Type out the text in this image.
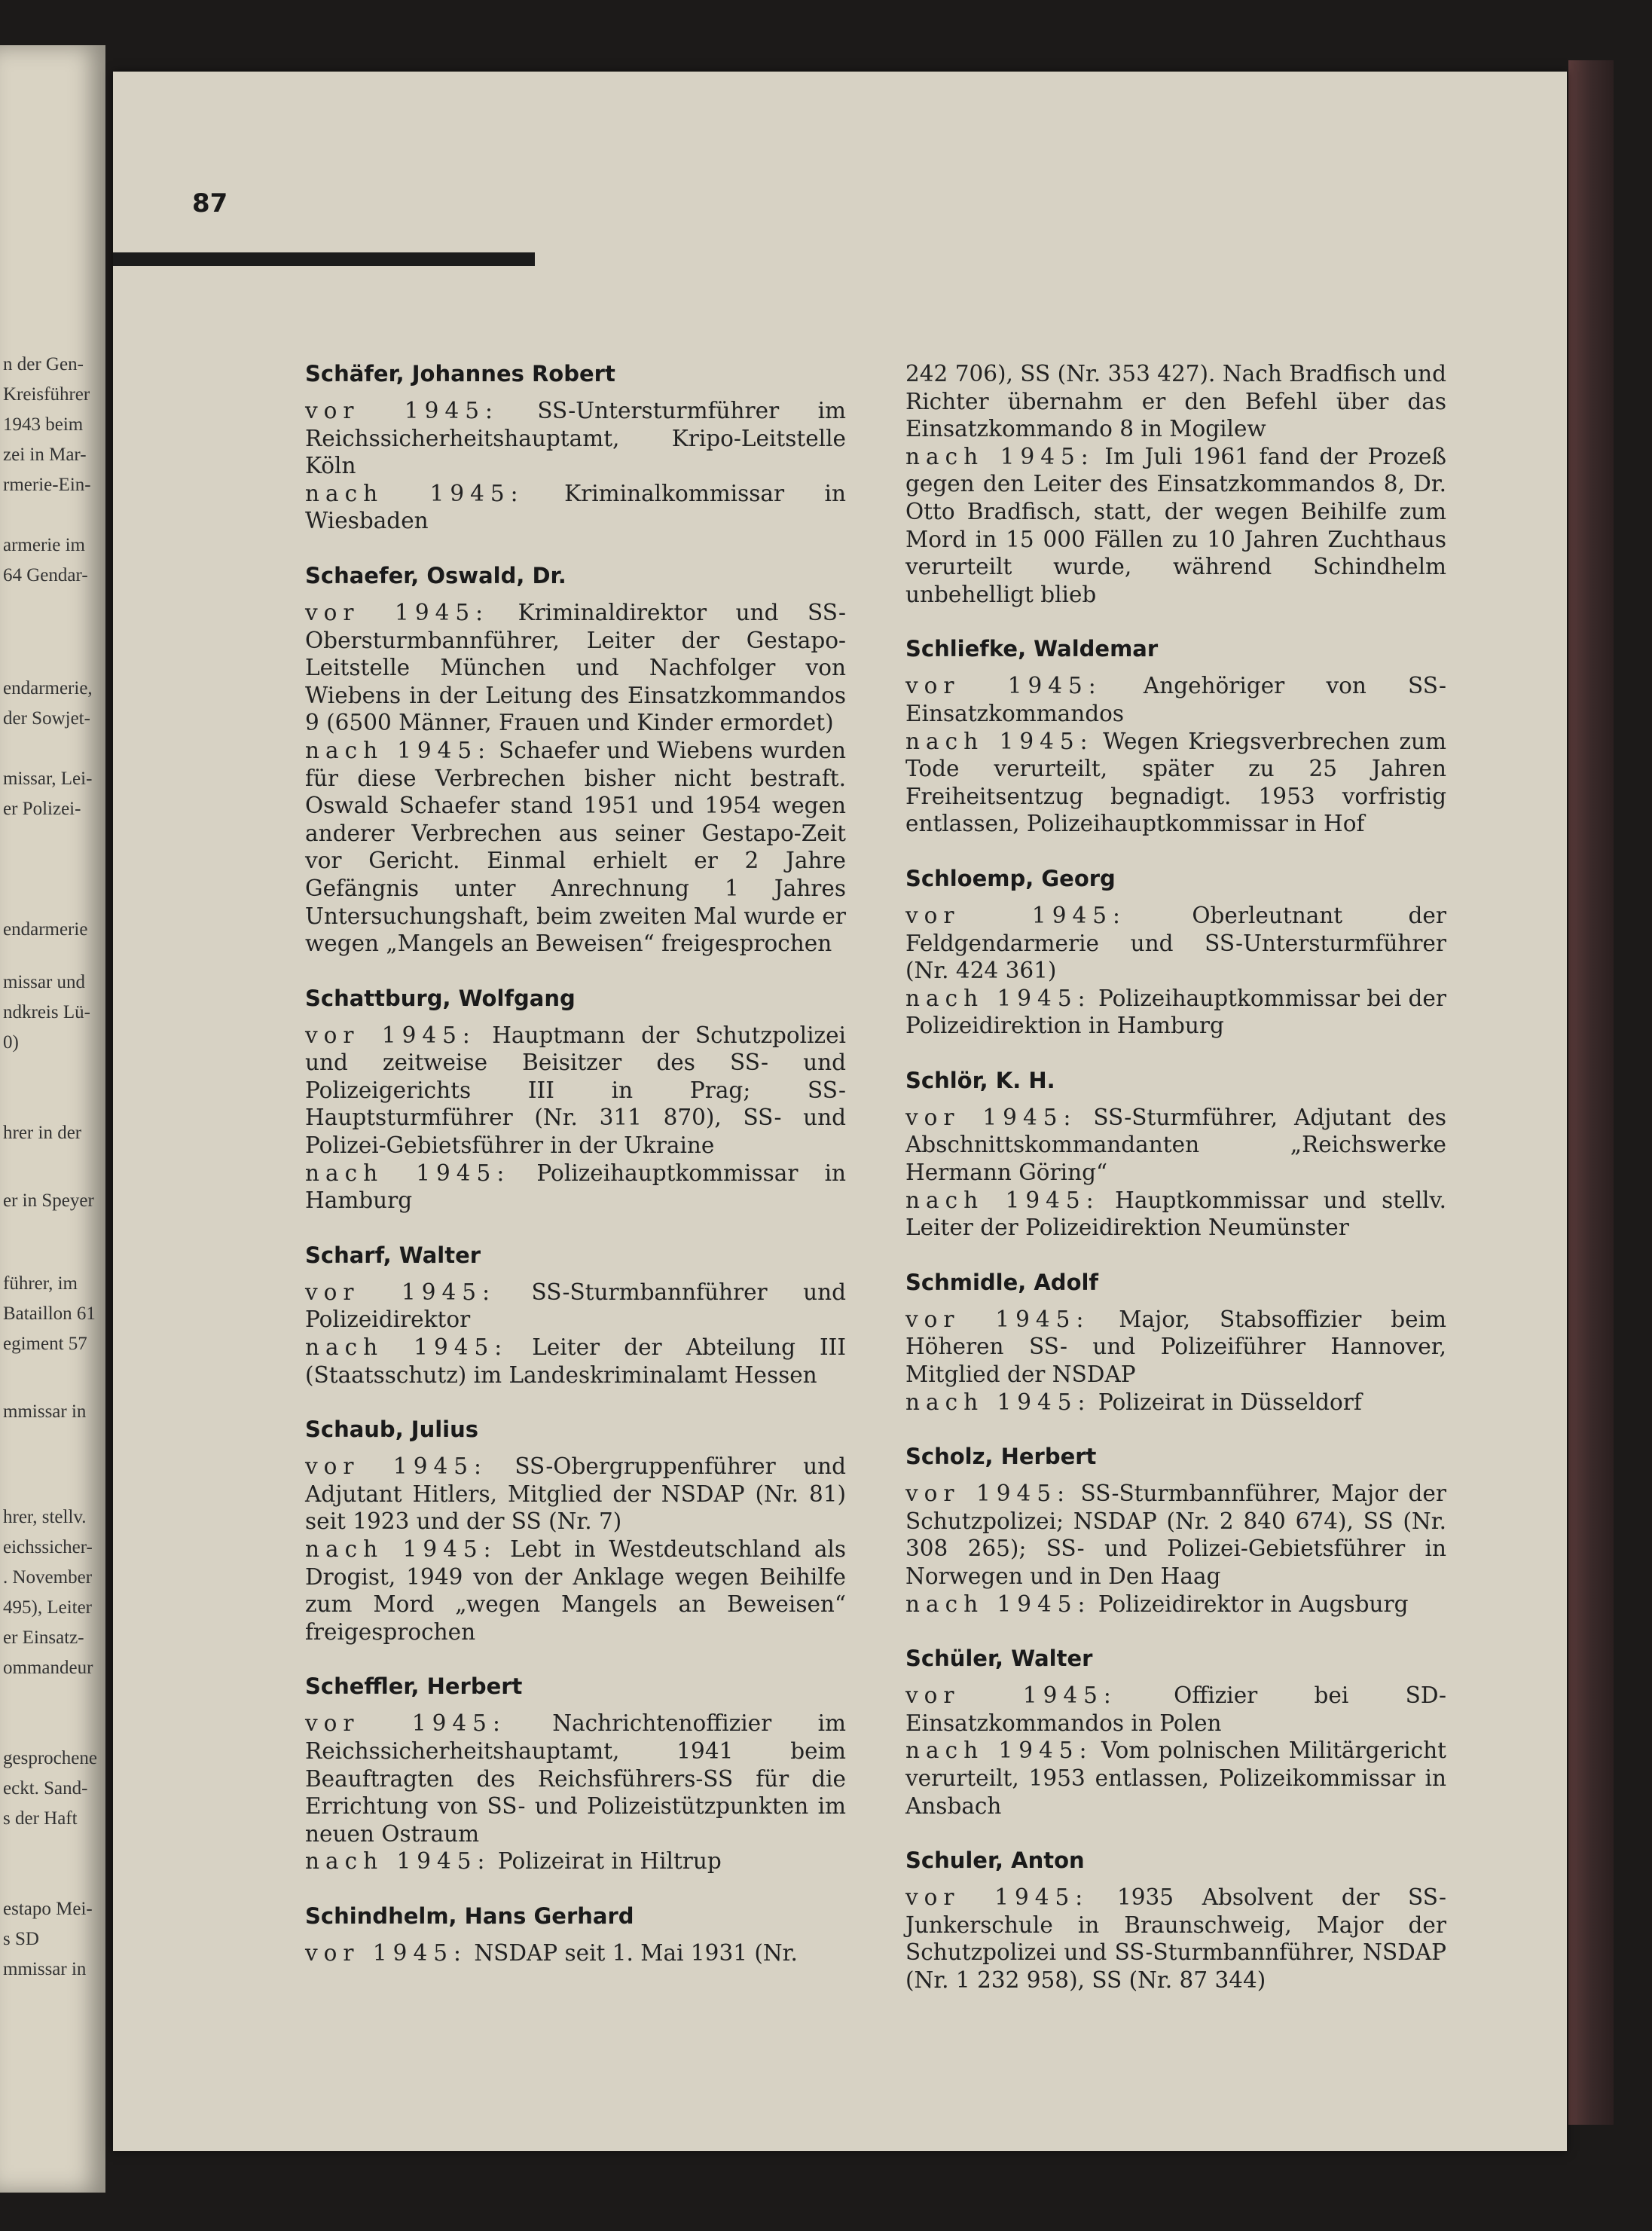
n der Gen-
Kreisführer
1943 beim
zei in Mar-
rmerie-Ein-
armerie im
64 Gendar-
endarmerie,
der Sowjet-
missar, Lei-
er Polizei-
endarmerie
missar und
ndkreis Lü-
0)
hrer in der
er in Speyer
führer, im
Bataillon 61
egiment 57
mmissar in
hrer, stellv.
eichssicher-
. November
495), Leiter
er Einsatz-
ommandeur
gesprochene
eckt. Sand-
s der Haft
estapo Mei-
s SD
mmissar in
87
Schäfer, Johannes Robert

vor 1945: SS-Untersturmführer im Reichssicherheitshauptamt, Kripo-Leitstelle Köln

nach 1945: Kriminalkommissar in Wiesbaden

Schaefer, Oswald, Dr.

vor 1945: Kriminaldirektor und SS-Obersturmbannführer, Leiter der Gestapo-Leitstelle München und Nachfolger von Wiebens in der Leitung des Einsatzkommandos 9 (6500 Männer, Frauen und Kinder ermordet)

nach 1945: Schaefer und Wiebens wurden für diese Verbrechen bisher nicht bestraft. Oswald Schaefer stand 1951 und 1954 wegen anderer Verbrechen aus seiner Gestapo-Zeit vor Gericht. Einmal erhielt er 2 Jahre Gefängnis unter Anrechnung 1 Jahres Untersuchungshaft, beim zweiten Mal wurde er wegen „Mangels an Beweisen“ freigesprochen

Schattburg, Wolfgang

vor 1945: Hauptmann der Schutzpolizei und zeitweise Beisitzer des SS- und Polizeigerichts III in Prag; SS-Hauptsturmführer (Nr. 311 870), SS- und Polizei-Gebietsführer in der Ukraine

nach 1945: Polizeihauptkommissar in Hamburg

Scharf, Walter

vor 1945: SS-Sturmbannführer und Polizeidirektor

nach 1945: Leiter der Abteilung III (Staatsschutz) im Landeskriminalamt Hessen

Schaub, Julius

vor 1945: SS-Obergruppenführer und Adjutant Hitlers, Mitglied der NSDAP (Nr. 81) seit 1923 und der SS (Nr. 7)

nach 1945: Lebt in Westdeutschland als Drogist, 1949 von der Anklage wegen Beihilfe zum Mord „wegen Mangels an Beweisen“ freigesprochen

Scheffler, Herbert

vor 1945: Nachrichtenoffizier im Reichssicherheitshauptamt, 1941 beim Beauftragten des Reichsführers-SS für die Errichtung von SS- und Polizeistützpunkten im neuen Ostraum

nach 1945: Polizeirat in Hiltrup

Schindhelm, Hans Gerhard

vor 1945: NSDAP seit 1. Mai 1931 (Nr.

242 706), SS (Nr. 353 427). Nach Bradfisch und Richter übernahm er den Befehl über das Einsatzkommando 8 in Mogilew

nach 1945: Im Juli 1961 fand der Prozeß gegen den Leiter des Einsatzkommandos 8, Dr. Otto Bradfisch, statt, der wegen Beihilfe zum Mord in 15 000 Fällen zu 10 Jahren Zuchthaus verurteilt wurde, während Schindhelm unbehelligt blieb

Schliefke, Waldemar

vor 1945: Angehöriger von SS-Einsatzkommandos

nach 1945: Wegen Kriegsverbrechen zum Tode verurteilt, später zu 25 Jahren Freiheitsentzug begnadigt. 1953 vorfristig entlassen, Polizeihauptkommissar in Hof

Schloemp, Georg

vor 1945:	Oberleutnant der Feldgendarmerie und SS-Untersturmführer (Nr. 424 361)

nach 1945: Polizeihauptkommissar bei der Polizeidirektion in Hamburg

Schlör, K. H.

vor 1945: SS-Sturmführer, Adjutant des Abschnittskommandanten „Reichswerke Hermann Göring“

nach 1945: Hauptkommissar und stellv. Leiter der Polizeidirektion Neumünster

Schmidle, Adolf

vor 1945: Major, Stabsoffizier beim Höheren SS- und Polizeiführer Hannover, Mitglied der NSDAP

nach 1945: Polizeirat in Düsseldorf

Scholz, Herbert

vor 1945: SS-Sturmbannführer, Major der Schutzpolizei; NSDAP (Nr. 2 840 674), SS (Nr. 308 265); SS- und Polizei-Gebietsführer in Norwegen und in Den Haag

nach 1945: Polizeidirektor in Augsburg

Schüler, Walter

vor 1945:	Offizier bei SD-Einsatzkommandos in Polen

nach 1945: Vom polnischen Militärgericht verurteilt, 1953 entlassen, Polizeikommissar in Ansbach

Schuler, Anton

vor 1945: 1935 Absolvent der SS-Junkerschule in Braunschweig, Major der Schutzpolizei und SS-Sturmbannführer, NSDAP (Nr. 1 232 958), SS (Nr. 87 344)
